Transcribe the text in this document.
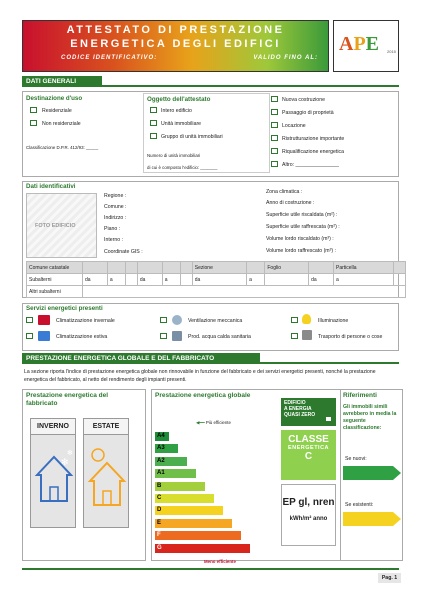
ATTESTATO DI PRESTAZIONE
ENERGETICA DEGLI EDIFICI
CODICE IDENTIFICATIVO:	VALIDO FINO AL:
APE 2015
DATI GENERALI
Destinazione d'uso
Residenziale
Non residenziale
Classificazione D.P.R. 412/93: _____
Oggetto dell'attestato
Intero edificio
Unità immobiliare
Gruppo di unità immobiliari
Numero di unità immobiliari
di cui è composto l'edificio: _______
Nuova costruzione
Passaggio di proprietà
Locazione
Ristrutturazione importante
Riqualificazione energetica
Altro: _______________
Dati identificativi
FOTO EDIFICIO
Regione :
Comune :
Indirizzo :
Piano :
Interno :
Coordinate GIS :
Zona climatica :
Anno di costruzione :
Superficie utile riscaldata (m²) :
Superficie utile raffrescata (m²) :
Volume lordo riscaldato (m³) :
Volume lordo raffrescato (m³) :
Comune catastale							Sezione		Foglio		Particella	
Subalterni	da	a		da	a		da	a		da	a	
Altri subalterni												
Servizi energetici presenti
Climatizzazione invernale	Ventilazione meccanica	Illuminazione
Climatizzazione estiva	Prod. acqua calda sanitaria	Trasporto di persone o cose
PRESTAZIONE ENERGETICA GLOBALE E DEL FABBRICATO
La sezione riporta l'indice di prestazione energetica globale non rinnovabile in funzione del fabbricato e dei servizi energetici presenti, nonché la prestazione energetica del fabbricato, al netto del rendimento degli impianti presenti.
Prestazione energetica del fabbricato
INVERNO
✻
✻
ESTATE
Prestazione energetica globale
◀━━ Più efficiente
A4
A3
A2
A1
B
C
D
E
F
G
Meno efficiente
EDIFICIO
A ENERGIA
QUASI ZERO
CLASSE
ENERGETICA
C
EP gl, nren
kWh/m² anno
Riferimenti
Gli immobili simili avrebbero in media la seguente classificazione:
Se nuovi:
Se esistenti:
Pag. 1
